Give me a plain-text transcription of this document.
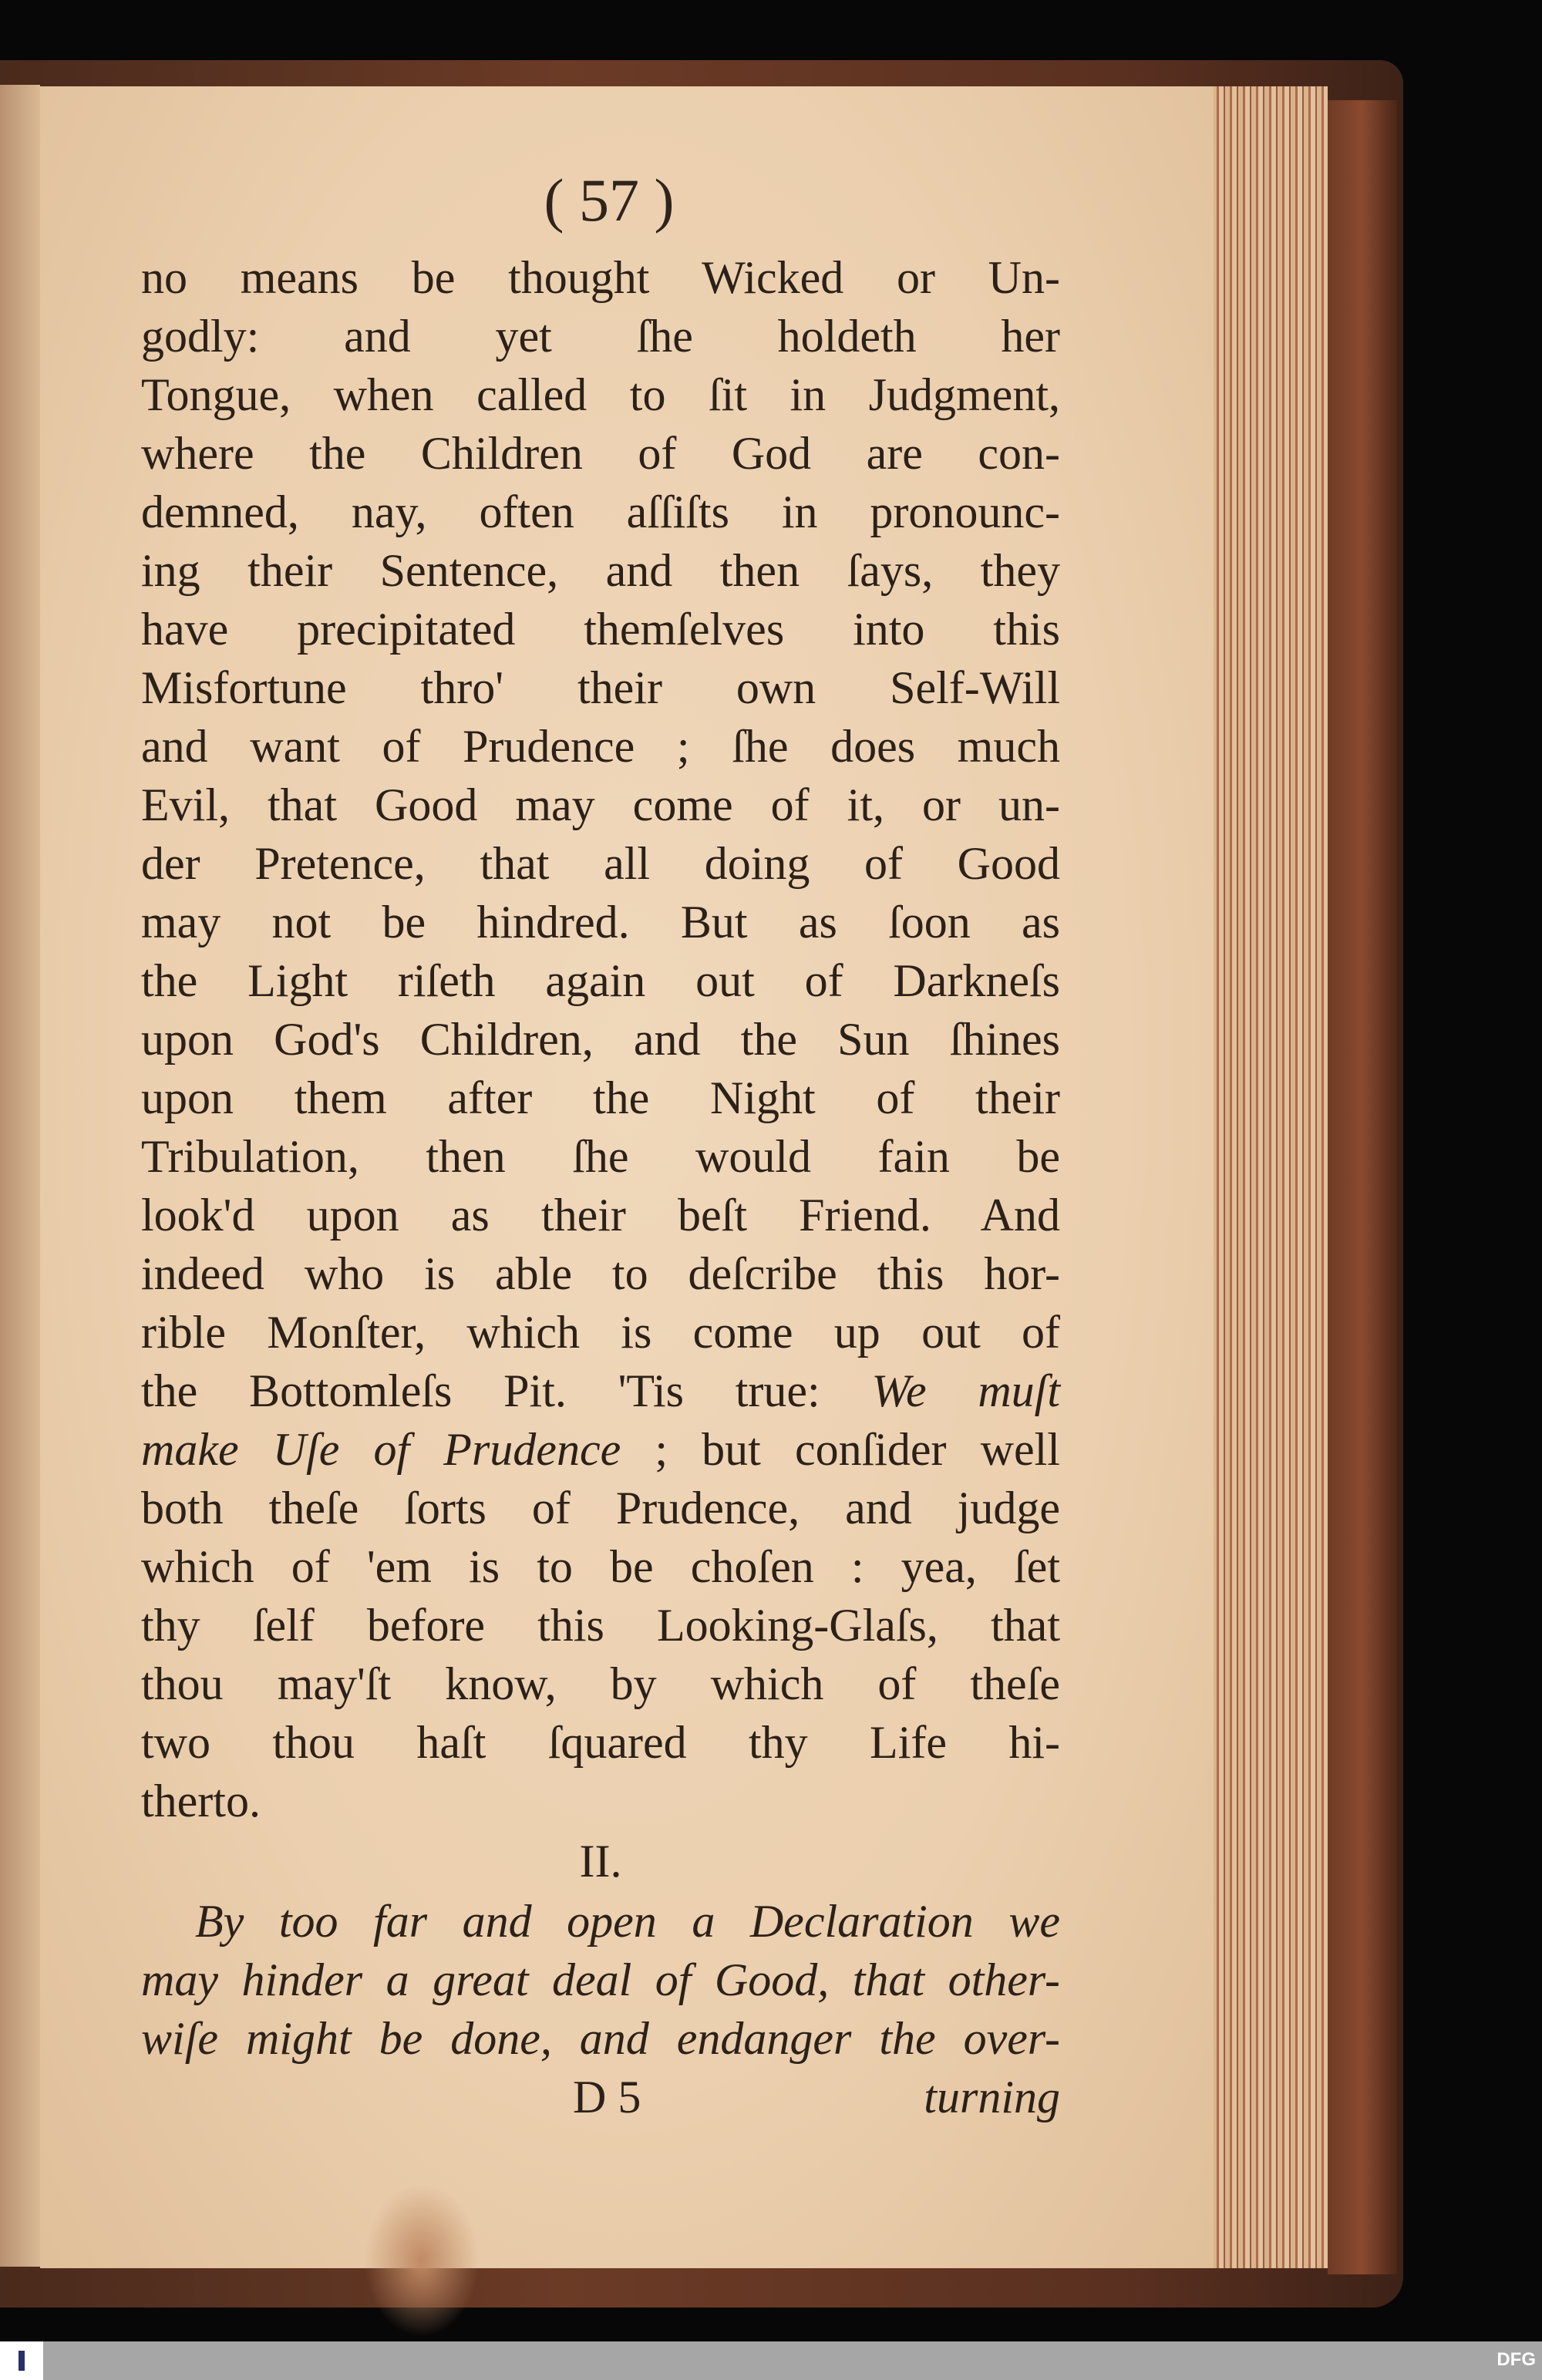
( 57 )
no means be thought Wicked or Un-
godly: and yet ſhe holdeth her
Tongue, when called to ſit in Judgment,
where the Children of God are con-
demned, nay, often aſſiſts in pronounc-
ing their Sentence, and then ſays, they
have precipitated themſelves into this
Misfortune thro' their own Self-Will
and want of Prudence ; ſhe does much
Evil, that Good may come of it, or un-
der Pretence, that all doing of Good
may not be hindred. But as ſoon as
the Light riſeth again out of Darkneſs
upon God's Children, and the Sun ſhines
upon them after the Night of their
Tribulation, then ſhe would fain be
look'd upon as their beſt Friend. And
indeed who is able to deſcribe this hor-
rible Monſter, which is come up out of
the Bottomleſs Pit. 'Tis true: We muſt
make Uſe of Prudence ; but conſider well
both theſe ſorts of Prudence, and judge
which of 'em is to be choſen : yea, ſet
thy ſelf before this Looking-Glaſs, that
thou may'ſt know, by which of theſe
two thou haſt ſquared thy Life hi-
therto.
II.
By too far and open a Declaration we
may hinder a great deal of Good, that other-
wiſe might be done, and endanger the over-
D 5	turning
DFG
